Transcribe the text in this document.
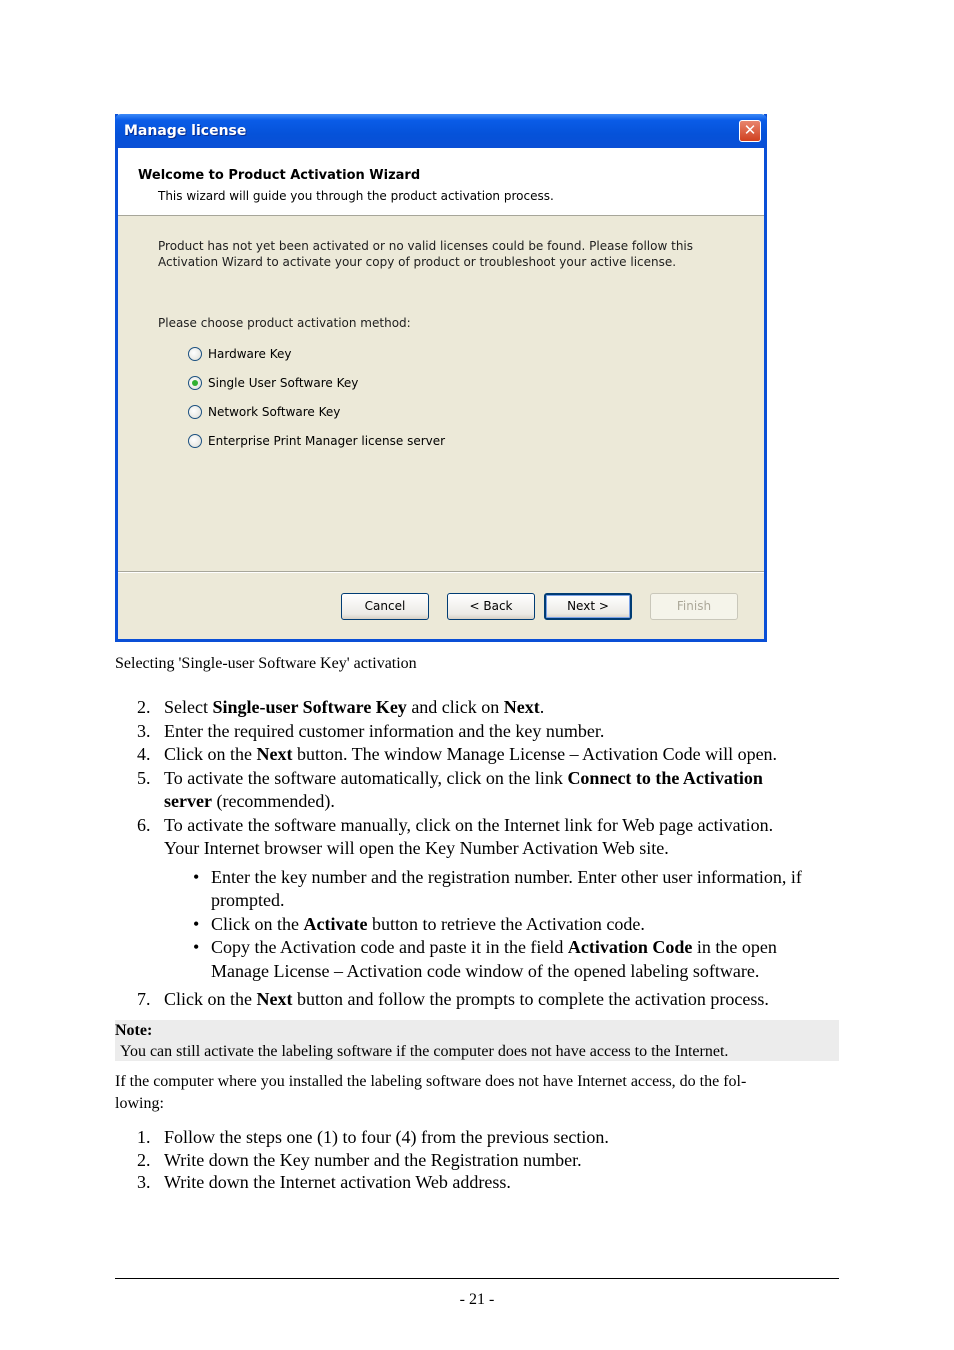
Manage license	✕
Welcome to Product Activation Wizard
This wizard will guide you through the product activation process.
Product has not yet been activated or no valid licenses could be found. Please follow this
Activation Wizard to activate your copy of product or troubleshoot your active license.
Please choose product activation method:
Hardware Key
Single User Software Key
Network Software Key
Enterprise Print Manager license server
Cancel	< Back	Next >	Finish
Selecting 'Single-user Software Key' activation
2. Select Single-user Software Key and click on Next.
3. Enter the required customer information and the key number.
4. Click on the Next button. The window Manage License – Activation Code will open.
5. To activate the software automatically, click on the link Connect to the Activation
server (recommended).
6. To activate the software manually, click on the Internet link for Web page activation.
Your Internet browser will open the Key Number Activation Web site.
• Enter the key number and the registration number. Enter other user information, if
prompted.
• Click on the Activate button to retrieve the Activation code.
• Copy the Activation code and paste it in the field Activation Code in the open
Manage License – Activation code window of the opened labeling software.
7. Click on the Next button and follow the prompts to complete the activation process.
Note:
You can still activate the labeling software if the computer does not have access to the Internet.
If the computer where you installed the labeling software does not have Internet access, do the fol-
lowing:
1. Follow the steps one (1) to four (4) from the previous section.
2. Write down the Key number and the Registration number.
3. Write down the Internet activation Web address.
- 21 -
